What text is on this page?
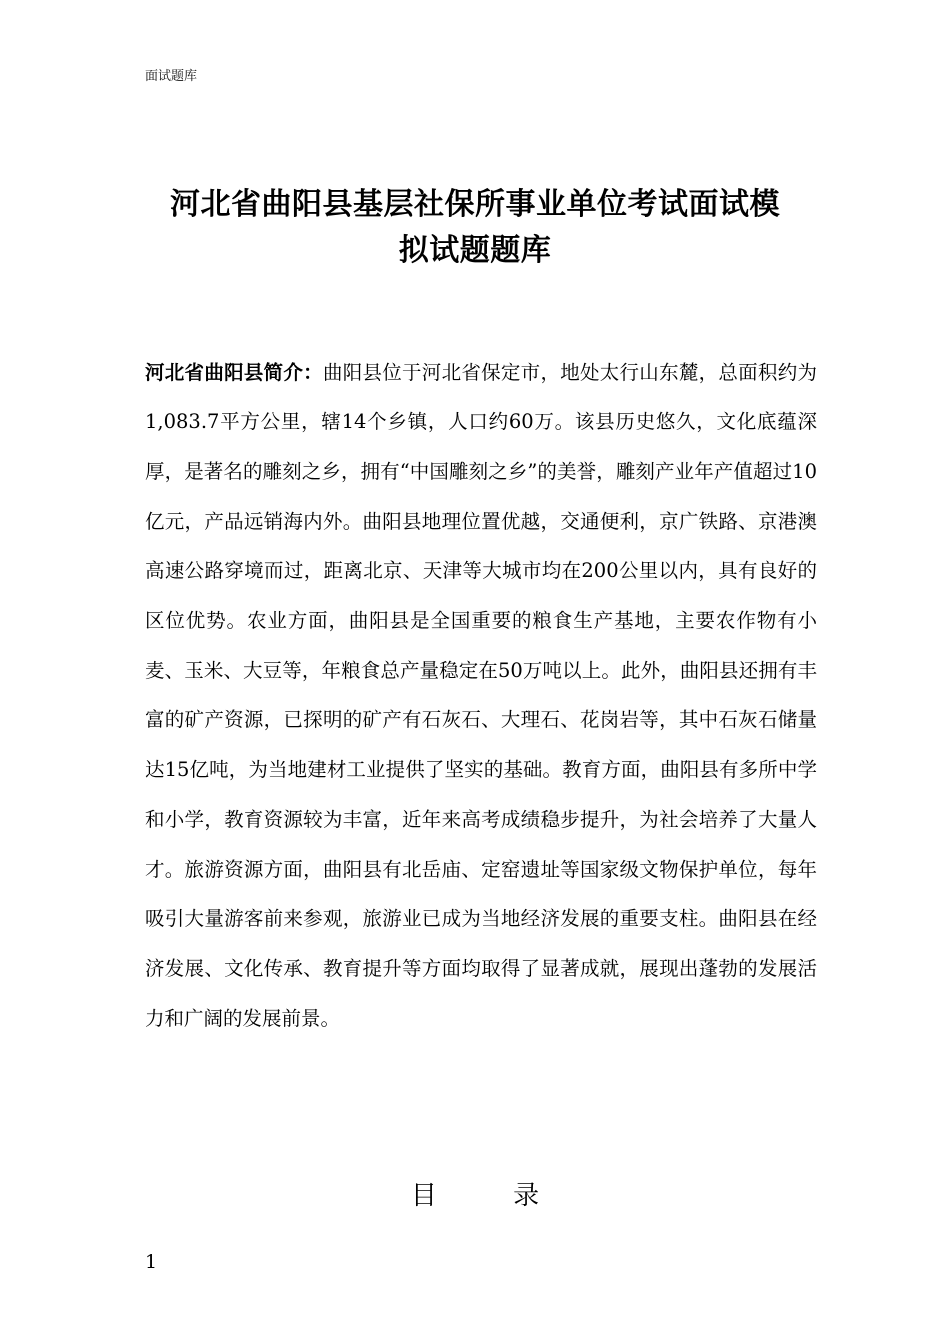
面试题库
河北省曲阳县基层社保所事业单位考试面试模
拟试题题库

河北省曲阳县简介：曲阳县位于河北省保定市，地处太行山东麓，总面积约为1,083.7平方公里，辖14个乡镇，人口约60万。该县历史悠久，文化底蕴深厚，是著名的雕刻之乡，拥有“中国雕刻之乡”的美誉，雕刻产业年产值超过10亿元，产品远销海内外。曲阳县地理位置优越，交通便利，京广铁路、京港澳高速公路穿境而过，距离北京、天津等大城市均在200公里以内，具有良好的区位优势。农业方面，曲阳县是全国重要的粮食生产基地，主要农作物有小麦、玉米、大豆等，年粮食总产量稳定在50万吨以上。此外，曲阳县还拥有丰富的矿产资源，已探明的矿产有石灰石、大理石、花岗岩等，其中石灰石储量达15亿吨，为当地建材工业提供了坚实的基础。教育方面，曲阳县有多所中学和小学，教育资源较为丰富，近年来高考成绩稳步提升，为社会培养了大量人才。旅游资源方面，曲阳县有北岳庙、定窑遗址等国家级文物保护单位，每年吸引大量游客前来参观，旅游业已成为当地经济发展的重要支柱。曲阳县在经济发展、文化传承、教育提升等方面均取得了显著成就，展现出蓬勃的发展活力和广阔的发展前景。

目 录
1
